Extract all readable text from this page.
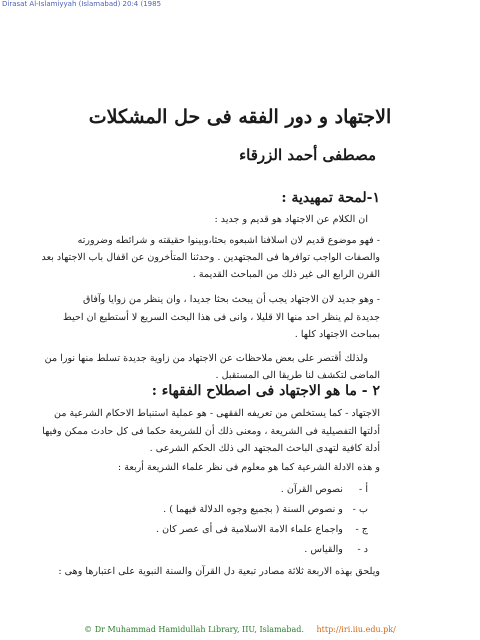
Dirasat Al-Islamiyyah (Islamabad) 20:4 (1985
الاجتهاد و دور الفقه فى حل المشكلات
مصطفى أحمد الزرقاء
١-لمحة تمهيدية :
ان الكلام عن الاجتهاد هو قديم و جديد :
- فهو موضوع قديم لان اسلافنا اشبعوه بحثا،وبينوا حقيقته و شرائطه وضرورته
والصفات الواجب توافرها فى المجتهدين . وحدثنا المتأخرون عن اقفال باب الاجتهاد بعد
القرن الرابع الى غير ذلك من المباحث القديمة .
- وهو جديد لان الاجتهاد يجب أن يبحث بحثا جديدا ، وان ينظر من زوايا وآفاق
جديدة لم ينظر احد منها الا قليلا ، وانى فى هذا البحث السريع لا أستطيع ان احيط
بمباحث الاجتهاد كلها .
ولذلك أقتصر على بعض ملاحظات عن الاجتهاد من زاوية جديدة تسلط منها نورا من
الماضى لتكشف لنا طريقا الى المستقبل .
٢ - ما هو الاجتهاد فى اصطلاح الفقهاء :
الاجتهاد - كما يستخلص من تعريفه الفقهى - هو عملية استنباط الاحكام الشرعية من
أدلتها التفصيلية فى الشريعة ، ومعنى ذلك أن للشريعة حكما فى كل حادث ممكن وفيها
أدلة كافية لتهدى الباحث المجتهد الى ذلك الحكم الشرعى .
و هذه الادلة الشرعية كما هو معلوم فى نظر علماء الشريعة أربعة :
أ - نصوص القرآن .
ب - و نصوص السنة ( بجميع وجوه الدلالة فيهما ) .
ج - واجماع علماء الامة الاسلامية فى أى عصر كان .
د - والقياس .
ويلحق بهذه الاربعة ثلاثة مصادر تبعية دل القرآن والسنة النبوية على اعتبارها وهى :
© Dr Muhammad Hamidullah Library, IIU, Islamabad. http://iri.iiu.edu.pk/
